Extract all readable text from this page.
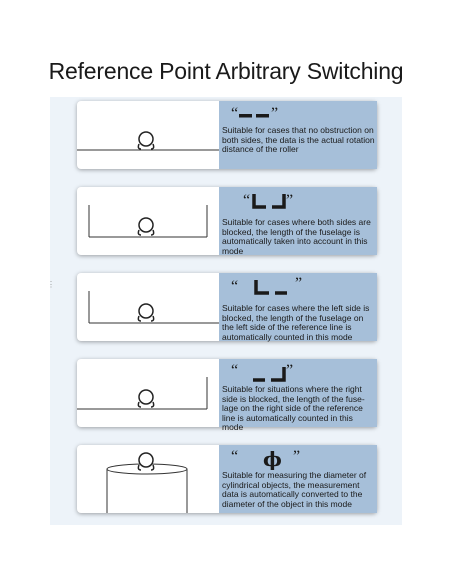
Reference Point Arbitrary Switching
⋮
“ ”

Suitable for cases that no obstruction on both sides, the data is the actual rotation distance of the roller

“ ”

Suitable for cases where both sides are blocked, the length of the fuselage is automatically taken into account in this mode

“	”

Suitable for cases where the left side is blocked, the length of the fuselage on the left side of the reference line is automatically counted in this mode

“	”

Suitable for situations where the right side is blocked, the length of the fuse-lage on the right side of the reference line is automatically counted in this mode

“ ϕ ”

Suitable for measuring the diameter of cylindrical objects, the measurement data is automatically converted to the diameter of the object in this mode
